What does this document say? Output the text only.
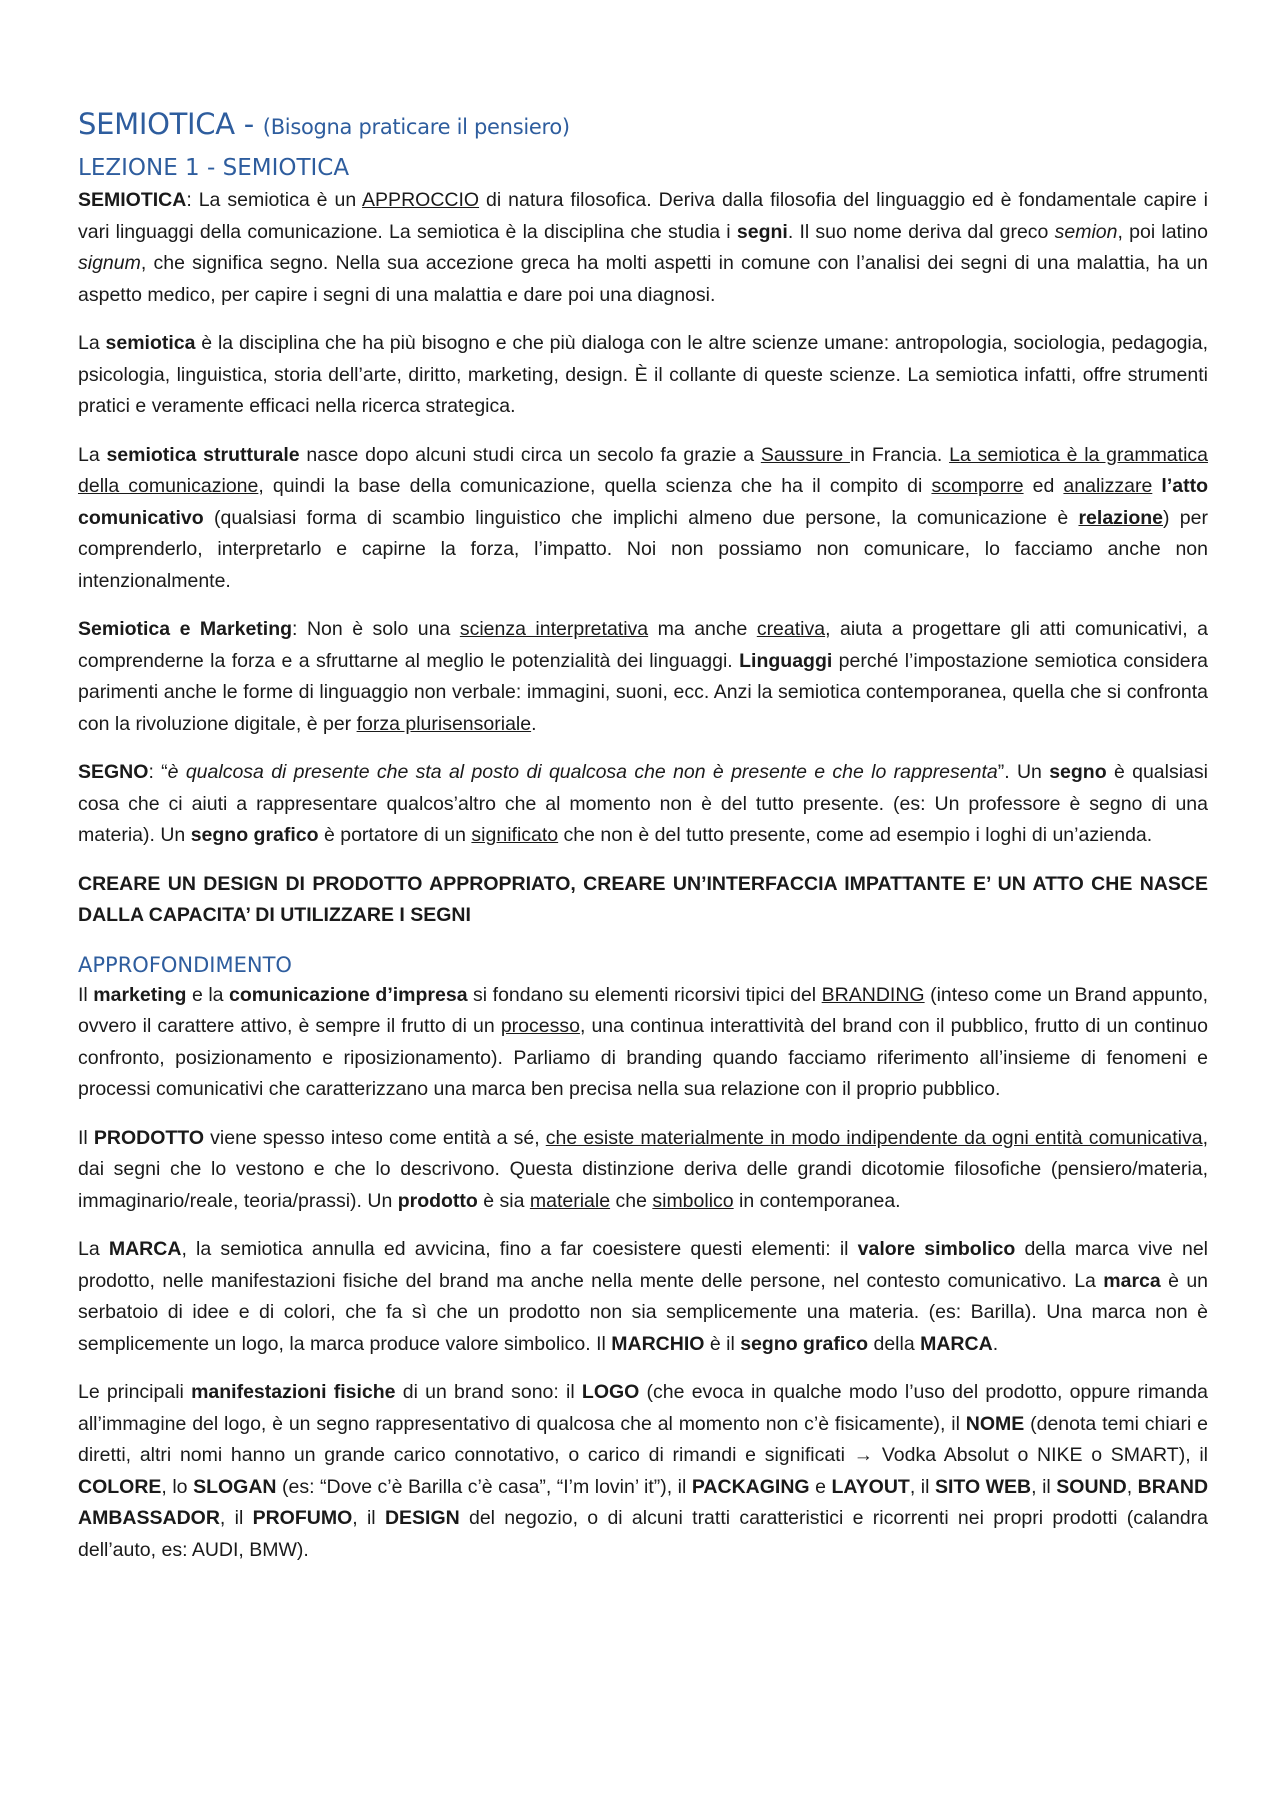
SEMIOTICA - (Bisogna praticare il pensiero)
LEZIONE 1 - SEMIOTICA

SEMIOTICA: La semiotica è un APPROCCIO di natura filosofica. Deriva dalla filosofia del linguaggio ed è fondamentale capire i vari linguaggi della comunicazione. La semiotica è la disciplina che studia i segni. Il suo nome deriva dal greco semion, poi latino signum, che significa segno. Nella sua accezione greca ha molti aspetti in comune con l’analisi dei segni di una malattia, ha un aspetto medico, per capire i segni di una malattia e dare poi una diagnosi.

La semiotica è la disciplina che ha più bisogno e che più dialoga con le altre scienze umane: antropologia, sociologia, pedagogia, psicologia, linguistica, storia dell’arte, diritto, marketing, design. È il collante di queste scienze. La semiotica infatti, offre strumenti pratici e veramente efficaci nella ricerca strategica.

La semiotica strutturale nasce dopo alcuni studi circa un secolo fa grazie a Saussure in Francia. La semiotica è la grammatica della comunicazione, quindi la base della comunicazione, quella scienza che ha il compito di scomporre ed analizzare l’atto comunicativo (qualsiasi forma di scambio linguistico che implichi almeno due persone, la comunicazione è relazione) per comprenderlo, interpretarlo e capirne la forza, l’impatto. Noi non possiamo non comunicare, lo facciamo anche non intenzionalmente.

Semiotica e Marketing: Non è solo una scienza interpretativa ma anche creativa, aiuta a progettare gli atti comunicativi, a comprenderne la forza e a sfruttarne al meglio le potenzialità dei linguaggi. Linguaggi perché l’impostazione semiotica considera parimenti anche le forme di linguaggio non verbale: immagini, suoni, ecc. Anzi la semiotica contemporanea, quella che si confronta con la rivoluzione digitale, è per forza plurisensoriale.

SEGNO: “è qualcosa di presente che sta al posto di qualcosa che non è presente e che lo rappresenta”. Un segno è qualsiasi cosa che ci aiuti a rappresentare qualcos’altro che al momento non è del tutto presente. (es: Un professore è segno di una materia). Un segno grafico è portatore di un significato che non è del tutto presente, come ad esempio i loghi di un’azienda.

CREARE UN DESIGN DI PRODOTTO APPROPRIATO, CREARE UN’INTERFACCIA IMPATTANTE E’ UN ATTO CHE NASCE DALLA CAPACITA’ DI UTILIZZARE I SEGNI

APPROFONDIMENTO

Il marketing e la comunicazione d’impresa si fondano su elementi ricorsivi tipici del BRANDING (inteso come un Brand appunto, ovvero il carattere attivo, è sempre il frutto di un processo, una continua interattività del brand con il pubblico, frutto di un continuo confronto, posizionamento e riposizionamento). Parliamo di branding quando facciamo riferimento all’insieme di fenomeni e processi comunicativi che caratterizzano una marca ben precisa nella sua relazione con il proprio pubblico.

Il PRODOTTO viene spesso inteso come entità a sé, che esiste materialmente in modo indipendente da ogni entità comunicativa, dai segni che lo vestono e che lo descrivono. Questa distinzione deriva delle grandi dicotomie filosofiche (pensiero/materia, immaginario/reale, teoria/prassi). Un prodotto è sia materiale che simbolico in contemporanea.

La MARCA, la semiotica annulla ed avvicina, fino a far coesistere questi elementi: il valore simbolico della marca vive nel prodotto, nelle manifestazioni fisiche del brand ma anche nella mente delle persone, nel contesto comunicativo. La marca è un serbatoio di idee e di colori, che fa sì che un prodotto non sia semplicemente una materia. (es: Barilla). Una marca non è semplicemente un logo, la marca produce valore simbolico. Il MARCHIO è il segno grafico della MARCA.

Le principali manifestazioni fisiche di un brand sono: il LOGO (che evoca in qualche modo l’uso del prodotto, oppure rimanda all’immagine del logo, è un segno rappresentativo di qualcosa che al momento non c’è fisicamente), il NOME (denota temi chiari e diretti, altri nomi hanno un grande carico connotativo, o carico di rimandi e significati → Vodka Absolut o NIKE o SMART), il COLORE, lo SLOGAN (es: “Dove c’è Barilla c’è casa”, “I’m lovin’ it”), il PACKAGING e LAYOUT, il SITO WEB, il SOUND, BRAND AMBASSADOR, il PROFUMO, il DESIGN del negozio, o di alcuni tratti caratteristici e ricorrenti nei propri prodotti (calandra dell’auto, es: AUDI, BMW).
